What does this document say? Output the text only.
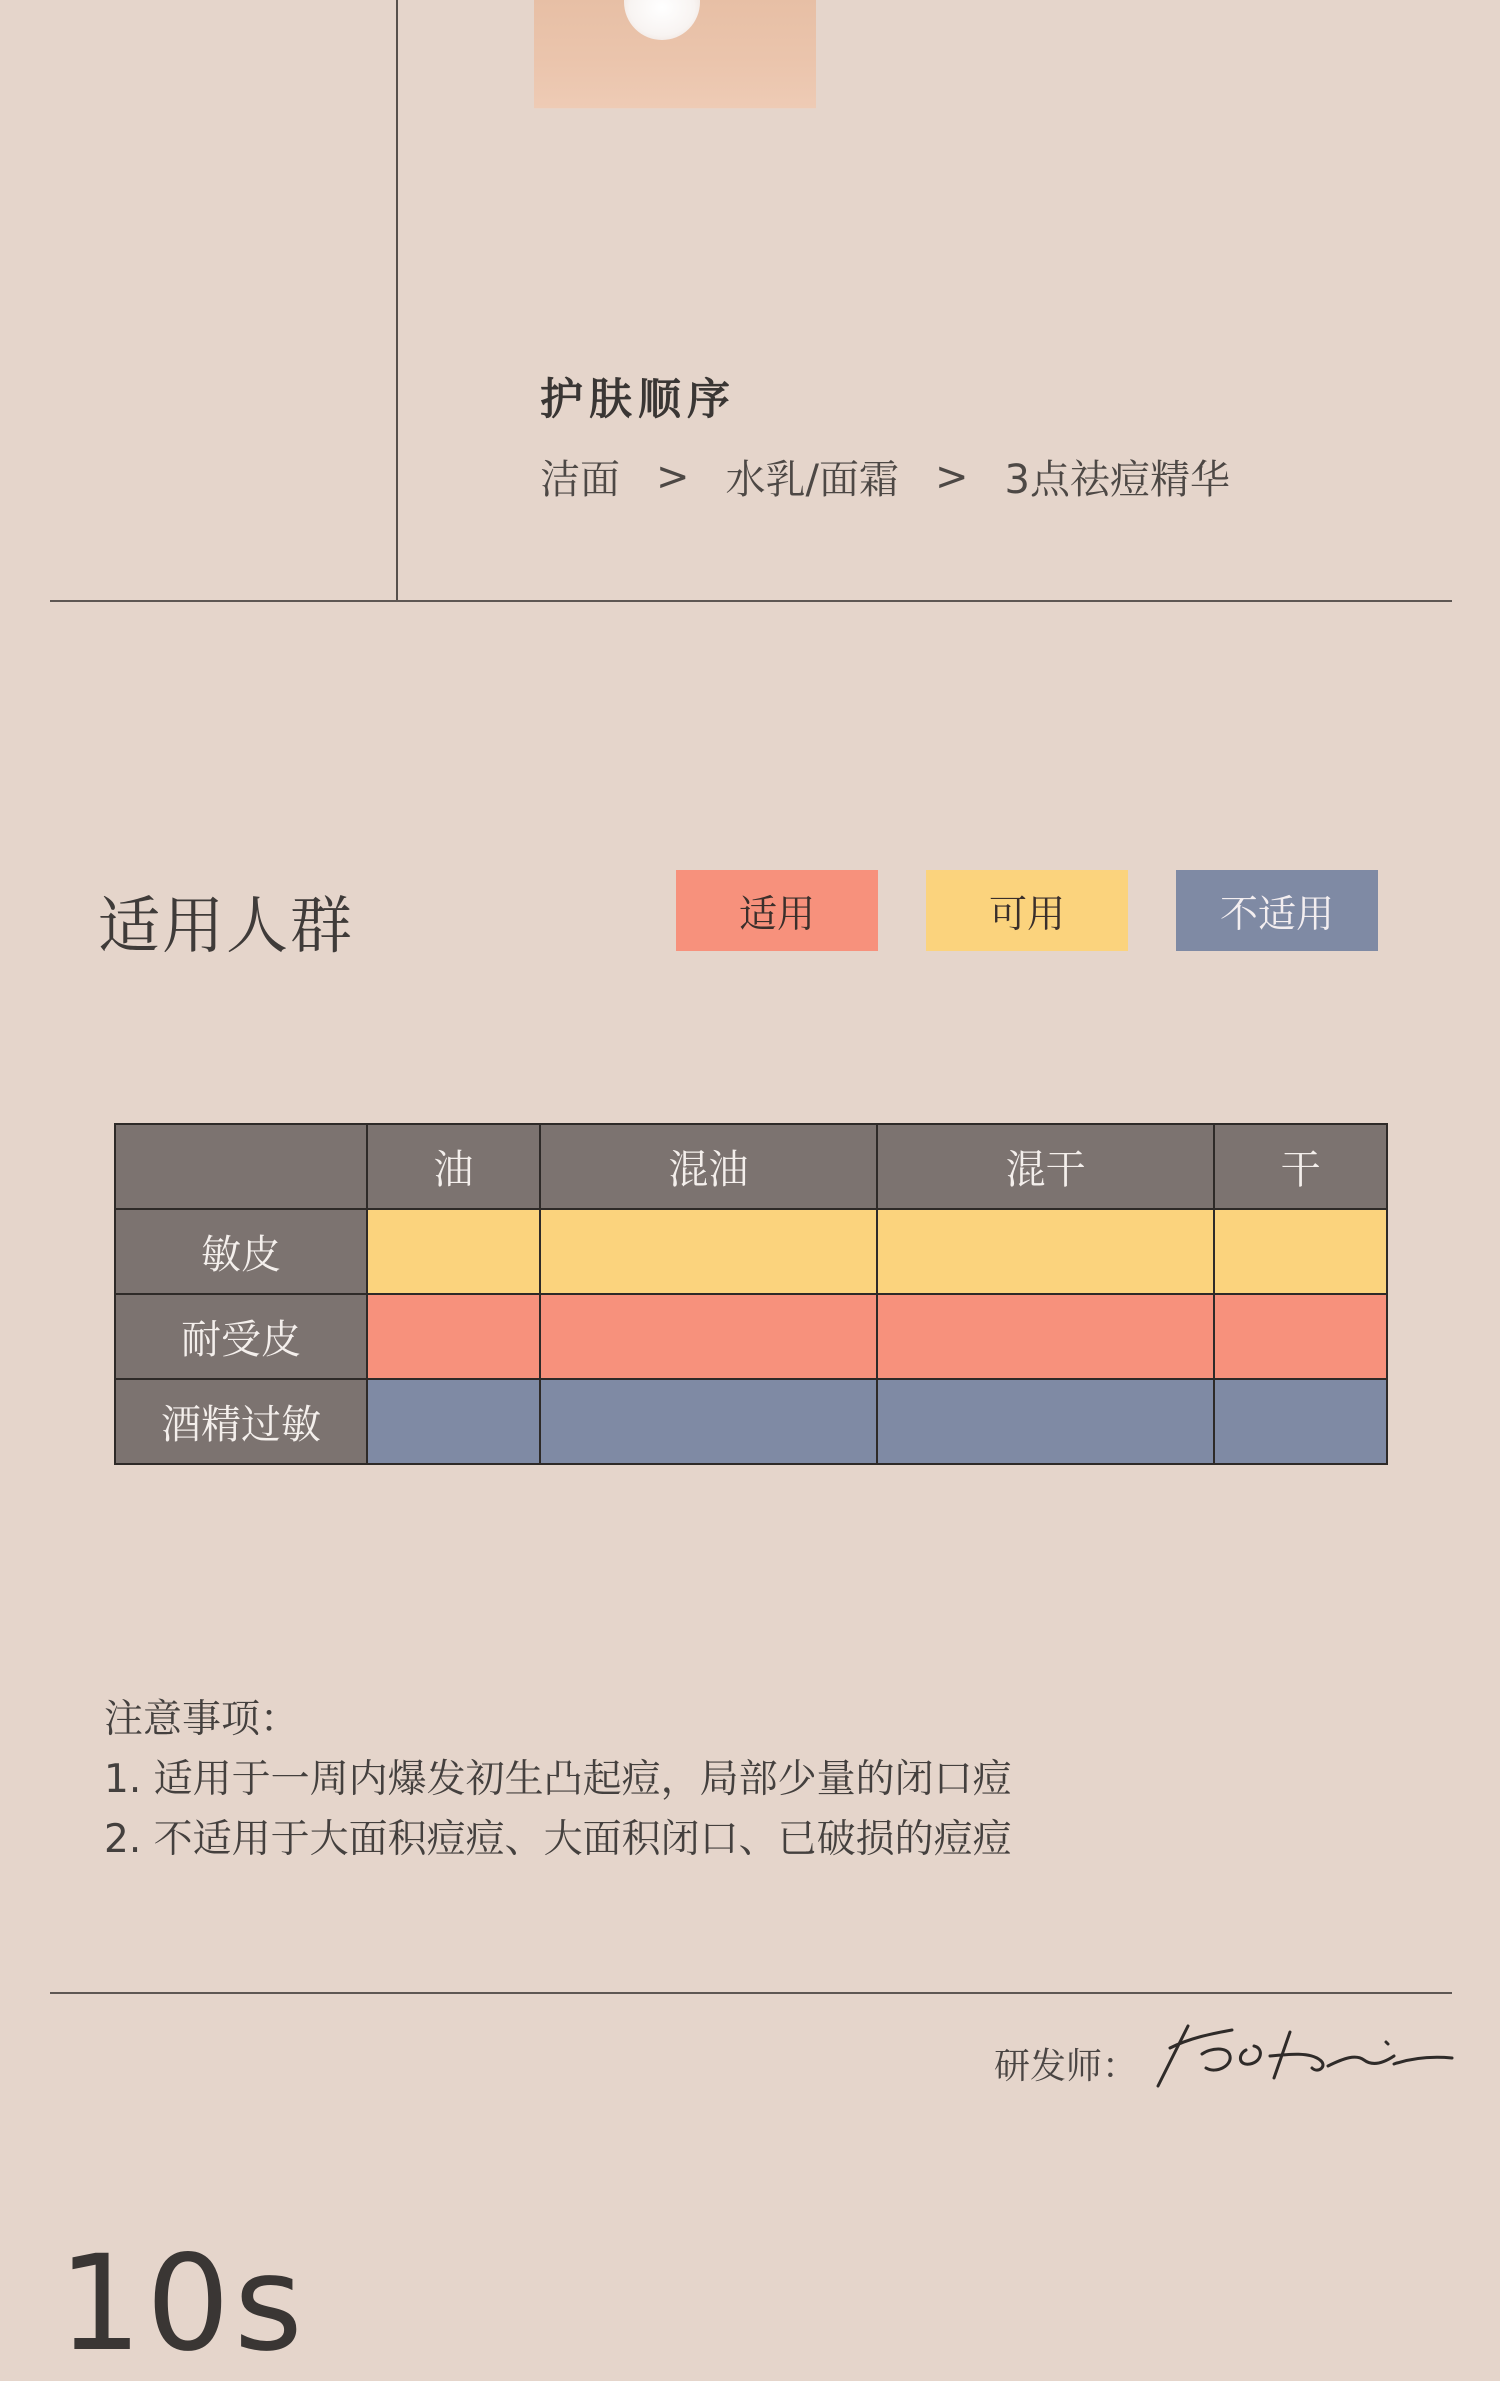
护肤顺序
洁面 > 水乳/面霜 > 3点祛痘精华
适用人群	适用	可用	不适用
	油	混油	混干	干
敏皮				
耐受皮				
酒精过敏				
注意事项：
1. 适用于一周内爆发初生凸起痘，局部少量的闭口痘
2. 不适用于大面积痘痘、大面积闭口、已破损的痘痘
研发师：
10s
